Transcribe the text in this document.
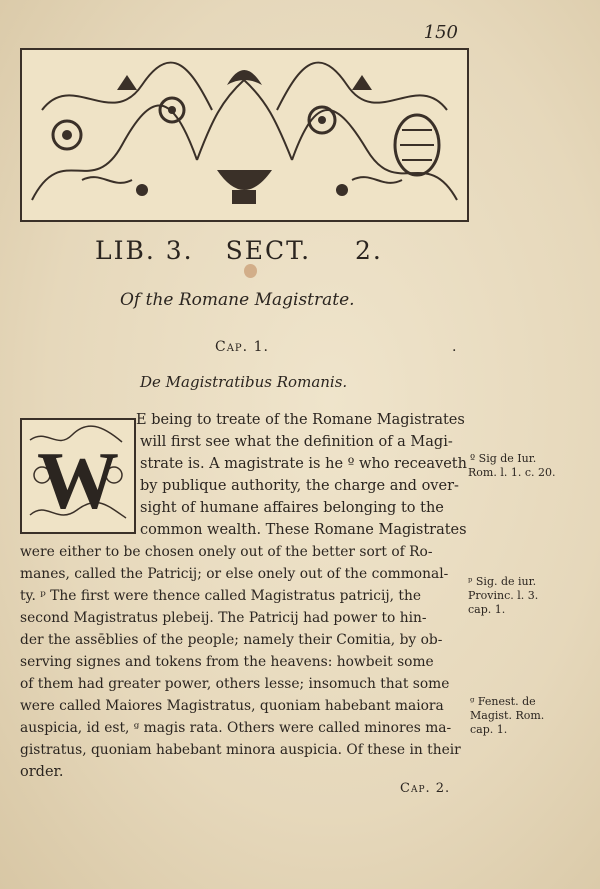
150
LIB. 3. SECT. 2.
Of the Romane Magistrate.
Cap. 1.	.
De Magistratibus Romanis.
W
E being to treate of the Romane Magistrates
will first see what the definition of a Magi-
strate is. A magistrate is he º who receaveth
by publique authority, the charge and over-
sight of humane affaires belonging to the
common wealth. These Romane Magistrates
were either to be chosen onely out of the better sort of Ro-
manes, called the Patricij; or else onely out of the commonal-
ty. ᵖ The first were thence called Magistratus patricij, the
second Magistratus plebeij. The Patricij had power to hin-
der the assēblies of the people; namely their Comitia, by ob-
serving signes and tokens from the heavens: howbeit some
of them had greater power, others lesse; insomuch that some
were called Maiores Magistratus, quoniam habebant maiora
auspicia, id est, ᵍ magis rata. Others were called minores ma-
gistratus, quoniam habebant minora auspicia. Of these in their
order.
º Sig de Iur.
Rom. l. 1. c. 20.
ᵖ Sig. de iur.
Provinc. l. 3.
cap. 1.
ᵍ Fenest. de
Magist. Rom.
cap. 1.
Cap. 2.
